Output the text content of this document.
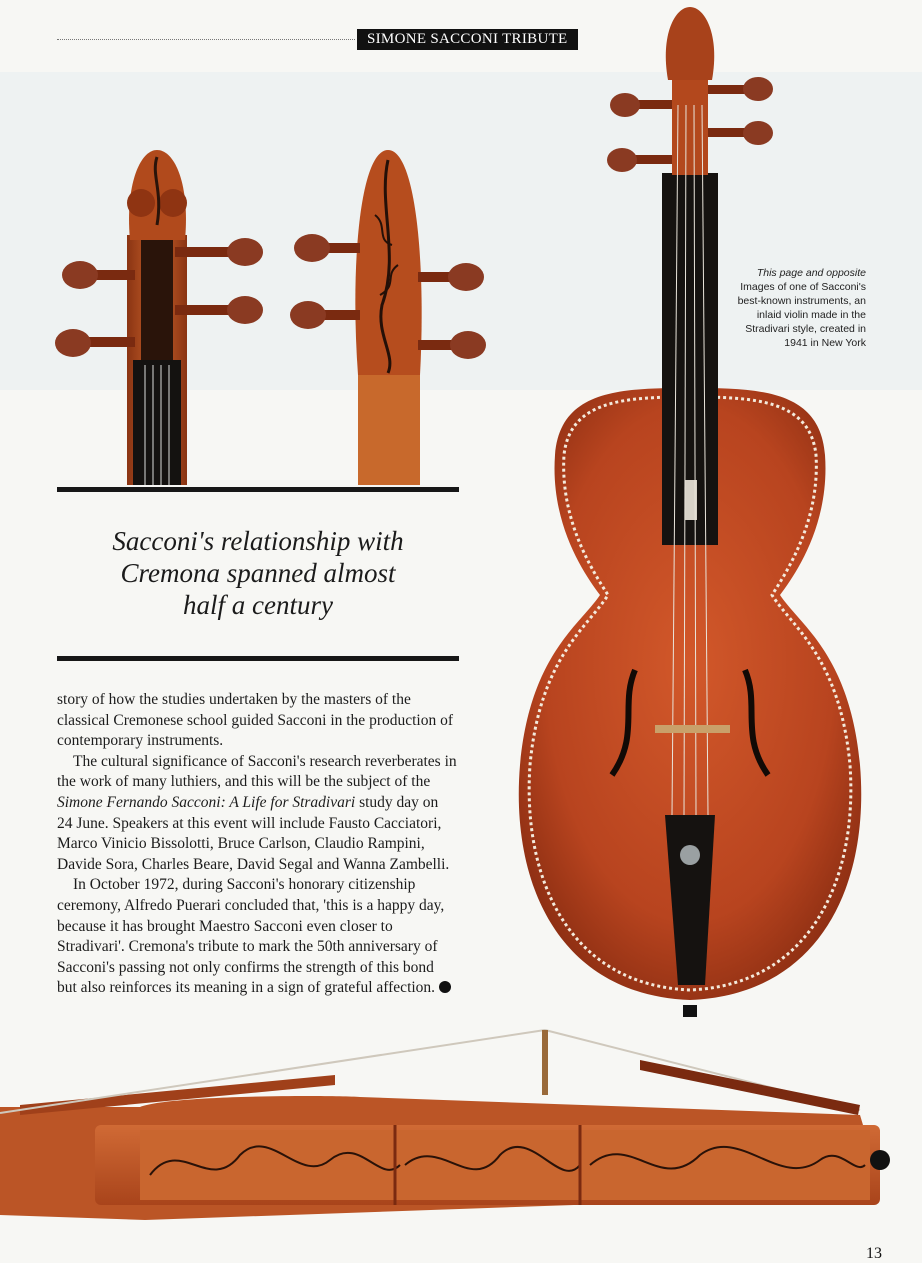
SIMONE SACCONI TRIBUTE
This page and opposite
Images of one of Sacconi's best-known instruments, an inlaid violin made in the Stradivari style, created in 1941 in New York
Sacconi's relationship with Cremona spanned almost half a century

story of how the studies undertaken by the masters of the classical Cremonese school guided Sacconi in the production of contemporary instruments.

The cultural significance of Sacconi's research reverberates in the work of many luthiers, and this will be the subject of the Simone Fernando Sacconi: A Life for Stradivari study day on 24 June. Speakers at this event will include Fausto Cacciatori, Marco Vinicio Bissolotti, Bruce Carlson, Claudio Rampini, Davide Sora, Charles Beare, David Segal and Wanna Zambelli.

In October 1972, during Sacconi's honorary citizenship ceremony, Alfredo Puerari concluded that, 'this is a happy day, because it has brought Maestro Sacconi even closer to Stradivari'. Cremona's tribute to mark the 50th anniversary of Sacconi's passing not only confirms the strength of this bond but also reinforces its meaning in a sign of grateful affection.

13
